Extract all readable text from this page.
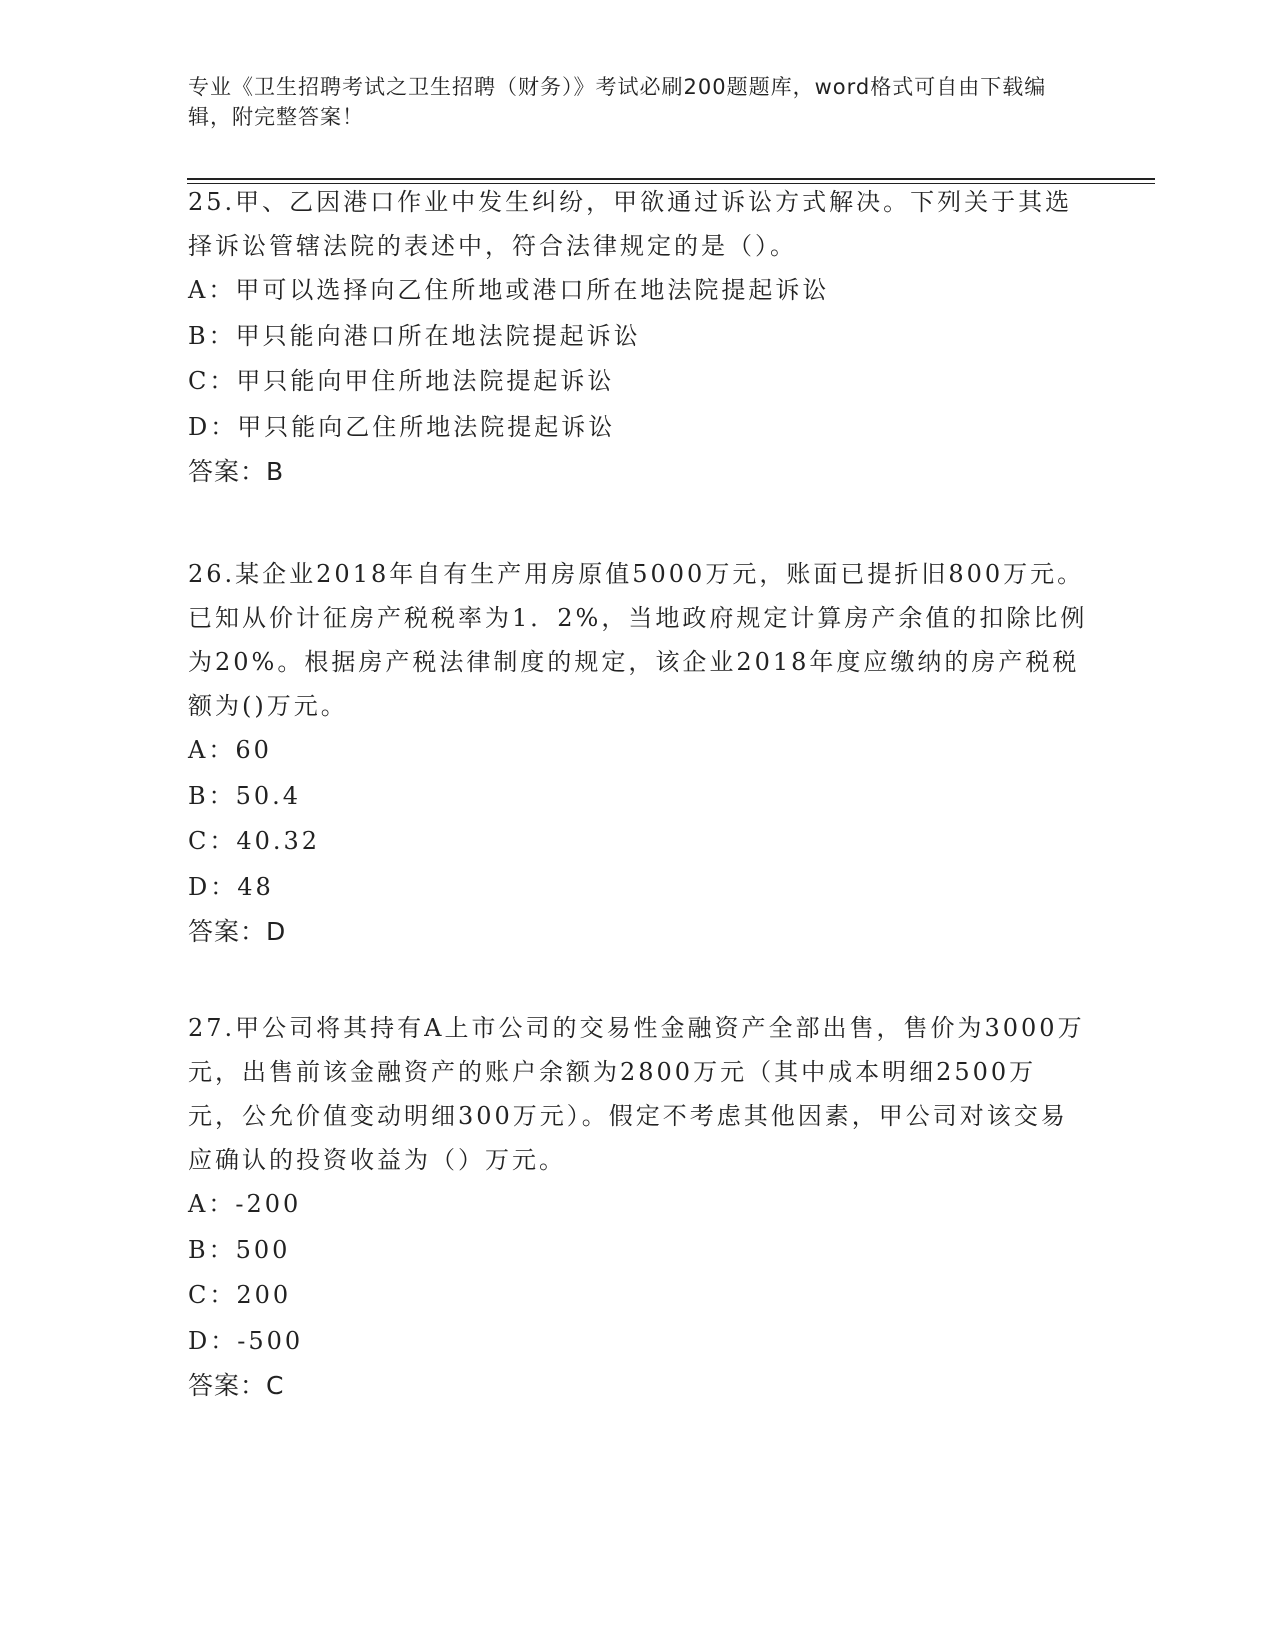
专业《卫生招聘考试之卫生招聘（财务）》考试必刷200题题库，word格式可自由下载编辑，附完整答案！

25.甲、乙因港口作业中发生纠纷，甲欲通过诉讼方式解决。下列关于其选择诉讼管辖法院的表述中，符合法律规定的是（）。

A：甲可以选择向乙住所地或港口所在地法院提起诉讼

B：甲只能向港口所在地法院提起诉讼

C：甲只能向甲住所地法院提起诉讼

D：甲只能向乙住所地法院提起诉讼

答案：B

26.某企业2018年自有生产用房原值5000万元，账面已提折旧800万元。已知从价计征房产税税率为1．2%，当地政府规定计算房产余值的扣除比例为20%。根据房产税法律制度的规定，该企业2018年度应缴纳的房产税税额为()万元。

A：60

B：50.4

C：40.32

D：48

答案：D

27.甲公司将其持有A上市公司的交易性金融资产全部出售，售价为3000万元，出售前该金融资产的账户余额为2800万元（其中成本明细2500万元，公允价值变动明细300万元）。假定不考虑其他因素，甲公司对该交易应确认的投资收益为（）万元。

A：-200

B：500

C：200

D：-500

答案：C
